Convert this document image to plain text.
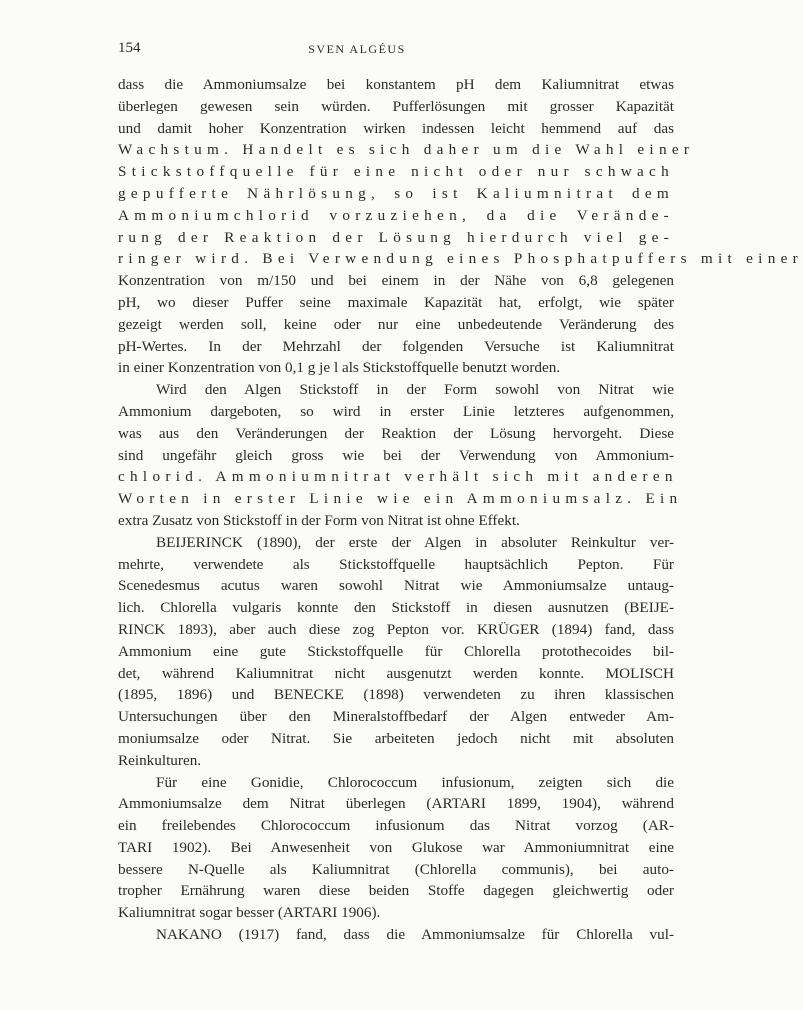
154	SVEN ALGÉUS
dass die Ammoniumsalze bei konstantem pH dem Kaliumnitrat etwas
überlegen gewesen sein würden. Pufferlösungen mit grosser Kapazität
und damit hoher Konzentration wirken indessen leicht hemmend auf das
Wachstum. Handelt es sich daher um die Wahl einer
Stickstoffquelle für eine nicht oder nur schwach
gepufferte Nährlösung, so ist Kaliumnitrat dem
Ammoniumchlorid vorzuziehen, da die Verände-
rung der Reaktion der Lösung hierdurch viel ge-
ringer wird. Bei Verwendung eines Phosphatpuffers mit einer
Konzentration von m/150 und bei einem in der Nähe von 6,8 gelegenen
pH, wo dieser Puffer seine maximale Kapazität hat, erfolgt, wie später
gezeigt werden soll, keine oder nur eine unbedeutende Veränderung des
pH-Wertes. In der Mehrzahl der folgenden Versuche ist Kaliumnitrat
in einer Konzentration von 0,1 g je l als Stickstoffquelle benutzt worden.
Wird den Algen Stickstoff in der Form sowohl von Nitrat wie
Ammonium dargeboten, so wird in erster Linie letzteres aufgenommen,
was aus den Veränderungen der Reaktion der Lösung hervorgeht. Diese
sind ungefähr gleich gross wie bei der Verwendung von Ammonium-
chlorid. Ammoniumnitrat verhält sich mit anderen
Worten in erster Linie wie ein Ammoniumsalz. Ein
extra Zusatz von Stickstoff in der Form von Nitrat ist ohne Effekt.
BEIJERINCK (1890), der erste der Algen in absoluter Reinkultur ver-
mehrte, verwendete als Stickstoffquelle hauptsächlich Pepton. Für
Scenedesmus acutus waren sowohl Nitrat wie Ammoniumsalze untaug-
lich. Chlorella vulgaris konnte den Stickstoff in diesen ausnutzen (BEIJE-
RINCK 1893), aber auch diese zog Pepton vor. KRÜGER (1894) fand, dass
Ammonium eine gute Stickstoffquelle für Chlorella protothecoides bil-
det, während Kaliumnitrat nicht ausgenutzt werden konnte. MOLISCH
(1895, 1896) und BENECKE (1898) verwendeten zu ihren klassischen
Untersuchungen über den Mineralstoffbedarf der Algen entweder Am-
moniumsalze oder Nitrat. Sie arbeiteten jedoch nicht mit absoluten
Reinkulturen.
Für eine Gonidie, Chlorococcum infusionum, zeigten sich die
Ammoniumsalze dem Nitrat überlegen (ARTARI 1899, 1904), während
ein freilebendes Chlorococcum infusionum das Nitrat vorzog (AR-
TARI 1902). Bei Anwesenheit von Glukose war Ammoniumnitrat eine
bessere N-Quelle als Kaliumnitrat (Chlorella communis), bei auto-
tropher Ernährung waren diese beiden Stoffe dagegen gleichwertig oder
Kaliumnitrat sogar besser (ARTARI 1906).
NAKANO (1917) fand, dass die Ammoniumsalze für Chlorella vul-
